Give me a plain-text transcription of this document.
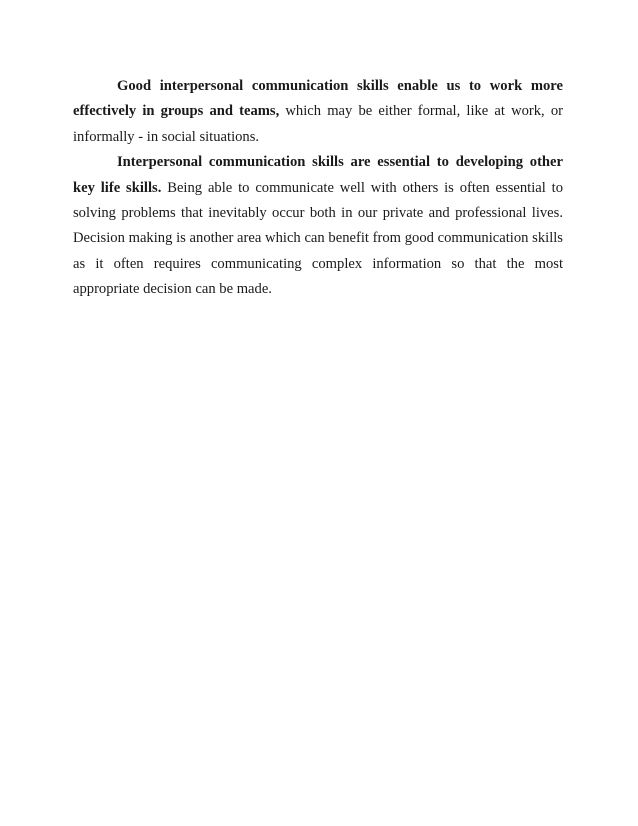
Good interpersonal communication skills enable us to work more effectively in groups and teams, which may be either formal, like at work, or informally - in social situations.

Interpersonal communication skills are essential to developing other key life skills. Being able to communicate well with others is often essential to solving problems that inevitably occur both in our private and professional lives. Decision making is another area which can benefit from good communication skills as it often requires communicating complex information so that the most appropriate decision can be made.
